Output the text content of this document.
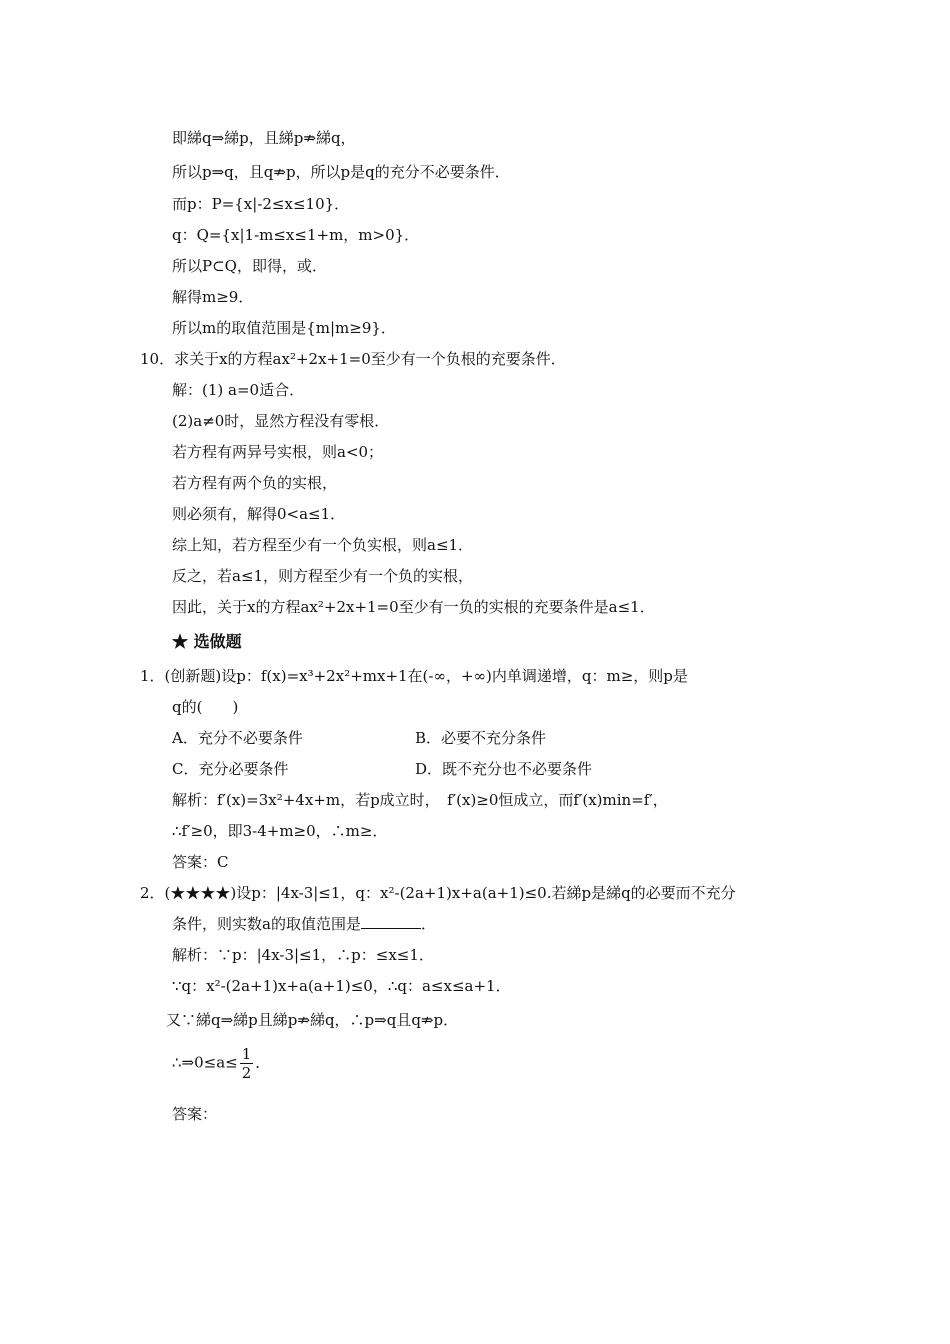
即綈q⇒綈p，且綈p⇏綈q，
所以p⇒q，且q⇏p，所以p是q的充分不必要条件．
而p：P={x|-2≤x≤10}．
q：Q={x|1-m≤x≤1+m，m>0}．
所以P⊂Q，即得，或．
解得m≥9．
所以m的取值范围是{m|m≥9}．
10．求关于x的方程ax²+2x+1=0至少有一个负根的充要条件．
解：(1) a=0适合．
(2)a≠0时，显然方程没有零根．
若方程有两异号实根，则a<0；
若方程有两个负的实根，
则必须有，解得0<a≤1．
综上知，若方程至少有一个负实根，则a≤1．
反之，若a≤1，则方程至少有一个负的实根，
因此，关于x的方程ax²+2x+1=0至少有一负的实根的充要条件是a≤1．
★ 选做题
1．(创新题)设p：f(x)=x³+2x²+mx+1在(-∞，+∞)内单调递增，q：m≥，则p是
q的(　　)
A．充分不必要条件	B．必要不充分条件
C．充分必要条件	D．既不充分也不必要条件
解析：f′(x)=3x²+4x+m，若p成立时，　f′(x)≥0恒成立，而f′(x)min=f′，
∴f′≥0，即3-4+m≥0，∴m≥．
答案：C
2．(★★★★)设p：|4x-3|≤1，q：x²-(2a+1)x+a(a+1)≤0.若綈p是綈q的必要而不充分
条件，则实数a的取值范围是	．
解析：∵p：|4x-3|≤1，∴p：≤x≤1．
∵q：x²-(2a+1)x+a(a+1)≤0，∴q：a≤x≤a+1．
又∵綈q⇒綈p且綈p⇏綈q，∴p⇒q且q⇏p．
∴⇒0≤a≤ $\frac{1}{2}$ ．
答案：
